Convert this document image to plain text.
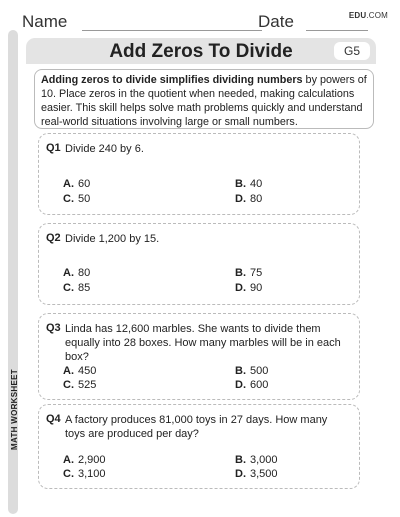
Name	Date	EDU.COM
MATH WORKSHEET
Add Zeros To Divide	G5
Adding zeros to divide simplifies dividing numbers by powers of 10. Place zeros in the quotient when needed, making calculations easier. This skill helps solve math problems quickly and understand real-world situations involving large or small numbers.
Q1 Divide 240 by 6.
A. 60	B. 40
C. 50	D. 80
Q2 Divide 1,200 by 15.
A. 80	B. 75
C. 85	D. 90
Q3 Linda has 12,600 marbles. She wants to divide them equally into 28 boxes. How many marbles will be in each box?
A. 450	B. 500
C. 525	D. 600
Q4 A factory produces 81,000 toys in 27 days. How many toys are produced per day?
A. 2,900	B. 3,000
C. 3,100	D. 3,500
